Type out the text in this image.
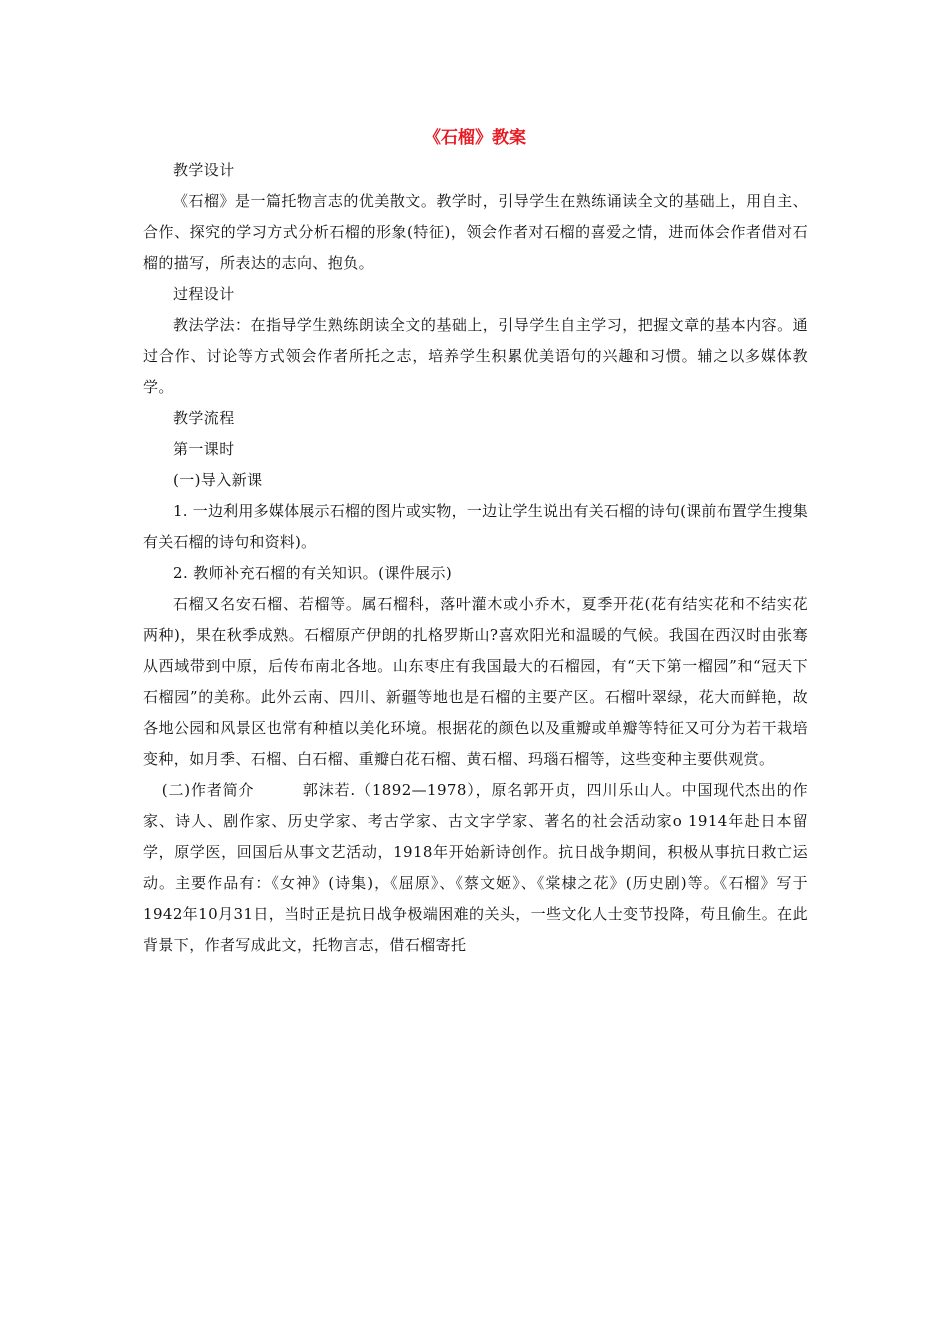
《石榴》教案

教学设计

《石榴》是一篇托物言志的优美散文。教学时，引导学生在熟练诵读全文的基础上，用自主、合作、探究的学习方式分析石榴的形象(特征)，领会作者对石榴的喜爱之情，进而体会作者借对石榴的描写，所表达的志向、抱负。

过程设计

教法学法：在指导学生熟练朗读全文的基础上，引导学生自主学习，把握文章的基本内容。通过合作、讨论等方式领会作者所托之志，培养学生积累优美语句的兴趣和习惯。辅之以多媒体教学。

教学流程

第一课时

(一)导入新课

1. 一边利用多媒体展示石榴的图片或实物，一边让学生说出有关石榴的诗句(课前布置学生搜集有关石榴的诗句和资料)。

2. 教师补充石榴的有关知识。(课件展示)

石榴又名安石榴、若榴等。属石榴科，落叶灌木或小乔木，夏季开花(花有结实花和不结实花两种)，果在秋季成熟。石榴原产伊朗的扎格罗斯山?喜欢阳光和温暖的气候。我国在西汉时由张骞从西域带到中原，后传布南北各地。山东枣庄有我国最大的石榴园，有“天下第一榴园”和“冠天下石榴园”的美称。此外云南、四川、新疆等地也是石榴的主要产区。石榴叶翠绿，花大而鲜艳，故各地公园和风景区也常有种植以美化环境。根据花的颜色以及重瓣或单瓣等特征又可分为若干栽培变种，如月季、石榴、白石榴、重瓣白花石榴、黄石榴、玛瑙石榴等，这些变种主要供观赏。

(二)作者简介	郭沫若.（1892—1978），原名郭开贞，四川乐山人。中国现代杰出的作家、诗人、剧作家、历史学家、考古学家、古文字学家、著名的社会活动家o 1914年赴日本留学，原学医，回国后从事文艺活动，1918年开始新诗创作。抗日战争期间，积极从事抗日救亡运动。主要作品有：《女神》(诗集)，《屈原》、《蔡文姬》、《棠棣之花》(历史剧)等。《石榴》写于1942年10月31日，当时正是抗日战争极端困难的关头，一些文化人士变节投降，苟且偷生。在此背景下，作者写成此文，托物言志，借石榴寄托
